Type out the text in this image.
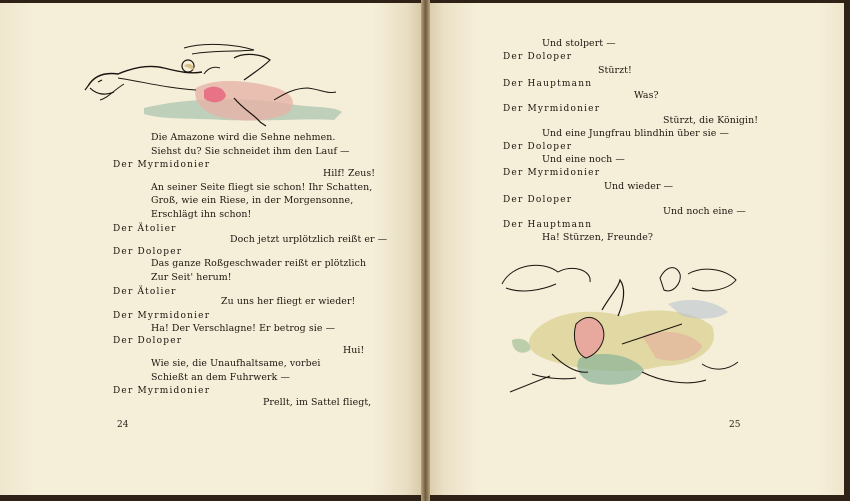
Die Amazone wird die Sehne nehmen.
Siehst du? Sie schneidet ihm den Lauf —
Der Myrmidonier
Hilf! Zeus!
An seiner Seite fliegt sie schon! Ihr Schatten,
Groß, wie ein Riese, in der Morgensonne,
Erschlägt ihn schon!
Der Ätolier
Doch jetzt urplötzlich reißt er —
Der Doloper
Das ganze Roßgeschwader reißt er plötzlich
Zur Seit' herum!
Der Ätolier
Zu uns her fliegt er wieder!
Der Myrmidonier
Ha! Der Verschlagne! Er betrog sie —
Der Doloper
Hui!
Wie sie, die Unaufhaltsame, vorbei
Schießt an dem Fuhrwerk —
Der Myrmidonier
Prellt, im Sattel fliegt,
24
Und stolpert —
Der Doloper
Stürzt!
Der Hauptmann
Was?
Der Myrmidonier
Stürzt, die Königin!
Und eine Jungfrau blindhin über sie —
Der Doloper
Und eine noch —
Der Myrmidonier
Und wieder —
Der Doloper
Und noch eine —
Der Hauptmann
Ha! Stürzen, Freunde?
25
